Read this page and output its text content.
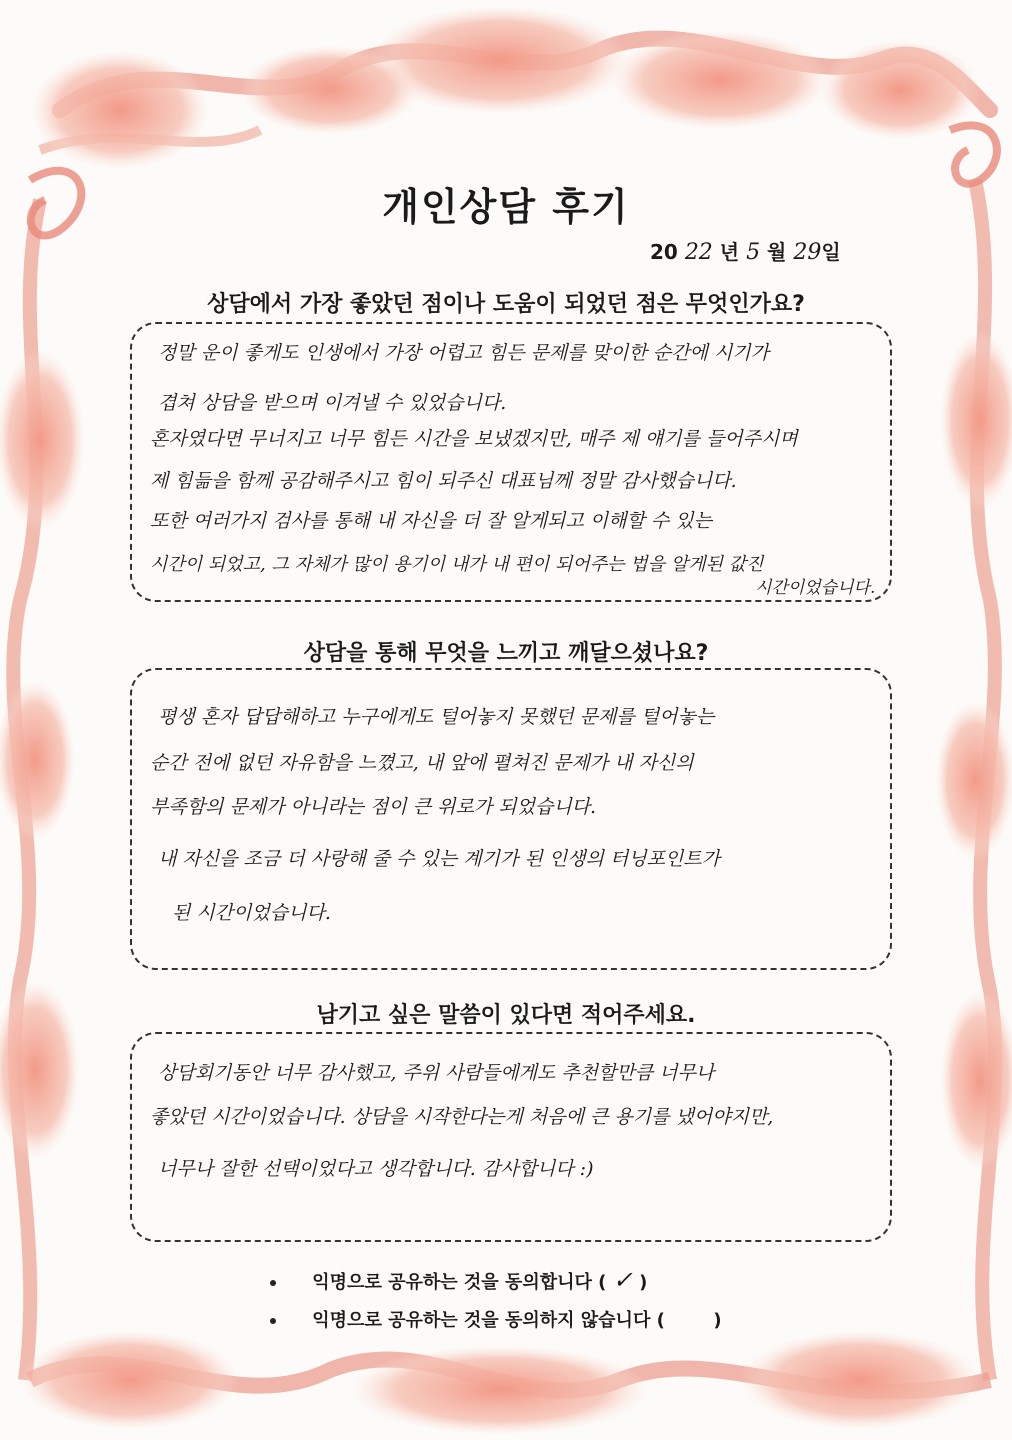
개인상담 후기
20 22 년 5 월 29일
상담에서 가장 좋았던 점이나 도움이 되었던 점은 무엇인가요?
정말 운이 좋게도 인생에서 가장 어렵고 힘든 문제를 맞이한 순간에 시기가
겹쳐 상담을 받으며 이겨낼 수 있었습니다.
혼자였다면 무너지고 너무 힘든 시간을 보냈겠지만, 매주 제 얘기를 들어주시며
제 힘듦을 함께 공감해주시고 힘이 되주신 대표님께 정말 감사했습니다.
또한 여러가지 검사를 통해 내 자신을 더 잘 알게되고 이해할 수 있는
시간이 되었고, 그 자체가 많이 용기이 내가 내 편이 되어주는 법을 알게된 값진
시간이었습니다.
상담을 통해 무엇을 느끼고 깨달으셨나요?
평생 혼자 답답해하고 누구에게도 털어놓지 못했던 문제를 털어놓는
순간 전에 없던 자유함을 느꼈고, 내 앞에 펼쳐진 문제가 내 자신의
부족함의 문제가 아니라는 점이 큰 위로가 되었습니다.
내 자신을 조금 더 사랑해 줄 수 있는 계기가 된 인생의 터닝포인트가
된 시간이었습니다.
남기고 싶은 말씀이 있다면 적어주세요.
상담회기동안 너무 감사했고, 주위 사람들에게도 추천할만큼 너무나
좋았던 시간이었습니다. 상담을 시작한다는게 처음에 큰 용기를 냈어야지만,
너무나 잘한 선택이었다고 생각합니다. 감사합니다 :)
익명으로 공유하는 것을 동의합니다 ( ✓ )
익명으로 공유하는 것을 동의하지 않습니다 (	)
